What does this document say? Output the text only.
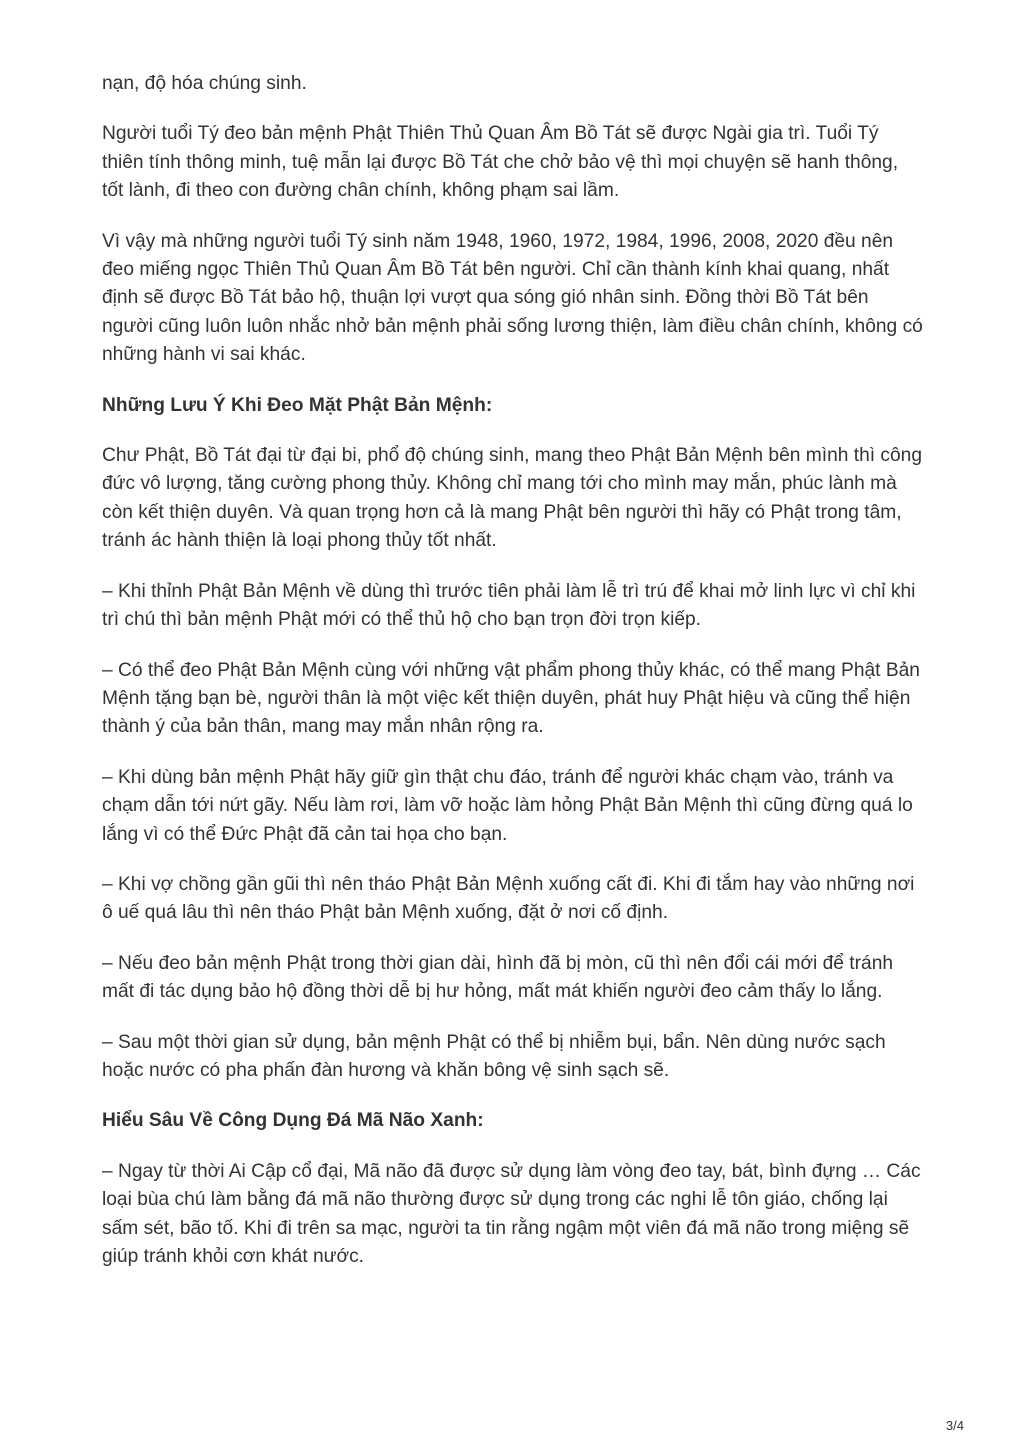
nạn, độ hóa chúng sinh.

Người tuổi Tý đeo bản mệnh Phật Thiên Thủ Quan Âm Bồ Tát sẽ được Ngài gia trì. Tuổi Tý thiên tính thông minh, tuệ mẫn lại được Bồ Tát che chở bảo vệ thì mọi chuyện sẽ hanh thông, tốt lành, đi theo con đường chân chính, không phạm sai lầm.

Vì vậy mà những người tuổi Tý sinh năm 1948, 1960, 1972, 1984, 1996, 2008, 2020 đều nên đeo miếng ngọc Thiên Thủ Quan Âm Bồ Tát bên người. Chỉ cần thành kính khai quang, nhất định sẽ được Bồ Tát bảo hộ, thuận lợi vượt qua sóng gió nhân sinh. Đồng thời Bồ Tát bên người cũng luôn luôn nhắc nhở bản mệnh phải sống lương thiện, làm điều chân chính, không có những hành vi sai khác.

Những Lưu Ý Khi Đeo Mặt Phật Bản Mệnh:

Chư Phật, Bồ Tát đại từ đại bi, phổ độ chúng sinh, mang theo Phật Bản Mệnh bên mình thì công đức vô lượng, tăng cường phong thủy. Không chỉ mang tới cho mình may mắn, phúc lành mà còn kết thiện duyên. Và quan trọng hơn cả là mang Phật bên người thì hãy có Phật trong tâm, tránh ác hành thiện là loại phong thủy tốt nhất.

– Khi thỉnh Phật Bản Mệnh về dùng thì trước tiên phải làm lễ trì trú để khai mở linh lực vì chỉ khi trì chú thì bản mệnh Phật mới có thể thủ hộ cho bạn trọn đời trọn kiếp.

– Có thể đeo Phật Bản Mệnh cùng với những vật phẩm phong thủy khác, có thể mang Phật Bản Mệnh tặng bạn bè, người thân là một việc kết thiện duyên, phát huy Phật hiệu và cũng thể hiện thành ý của bản thân, mang may mắn nhân rộng ra.

– Khi dùng bản mệnh Phật hãy giữ gìn thật chu đáo, tránh để người khác chạm vào, tránh va chạm dẫn tới nứt gãy. Nếu làm rơi, làm vỡ hoặc làm hỏng Phật Bản Mệnh thì cũng đừng quá lo lắng vì có thể Đức Phật đã cản tai họa cho bạn.

– Khi vợ chồng gần gũi thì nên tháo Phật Bản Mệnh xuống cất đi. Khi đi tắm hay vào những nơi ô uế quá lâu thì nên tháo Phật bản Mệnh xuống, đặt ở nơi cố định.

– Nếu đeo bản mệnh Phật trong thời gian dài, hình đã bị mòn, cũ thì nên đổi cái mới để tránh mất đi tác dụng bảo hộ đồng thời dễ bị hư hỏng, mất mát khiến người đeo cảm thấy lo lắng.

– Sau một thời gian sử dụng, bản mệnh Phật có thể bị nhiễm bụi, bẩn. Nên dùng nước sạch hoặc nước có pha phấn đàn hương và khăn bông vệ sinh sạch sẽ.

Hiểu Sâu Về Công Dụng Đá Mã Não Xanh:

– Ngay từ thời Ai Cập cổ đại, Mã não đã được sử dụng làm vòng đeo tay, bát, bình đựng … Các loại bùa chú làm bằng đá mã não thường được sử dụng trong các nghi lễ tôn giáo, chống lại sấm sét, bão tố. Khi đi trên sa mạc, người ta tin rằng ngậm một viên đá mã não trong miệng sẽ giúp tránh khỏi cơn khát nước.

3/4
